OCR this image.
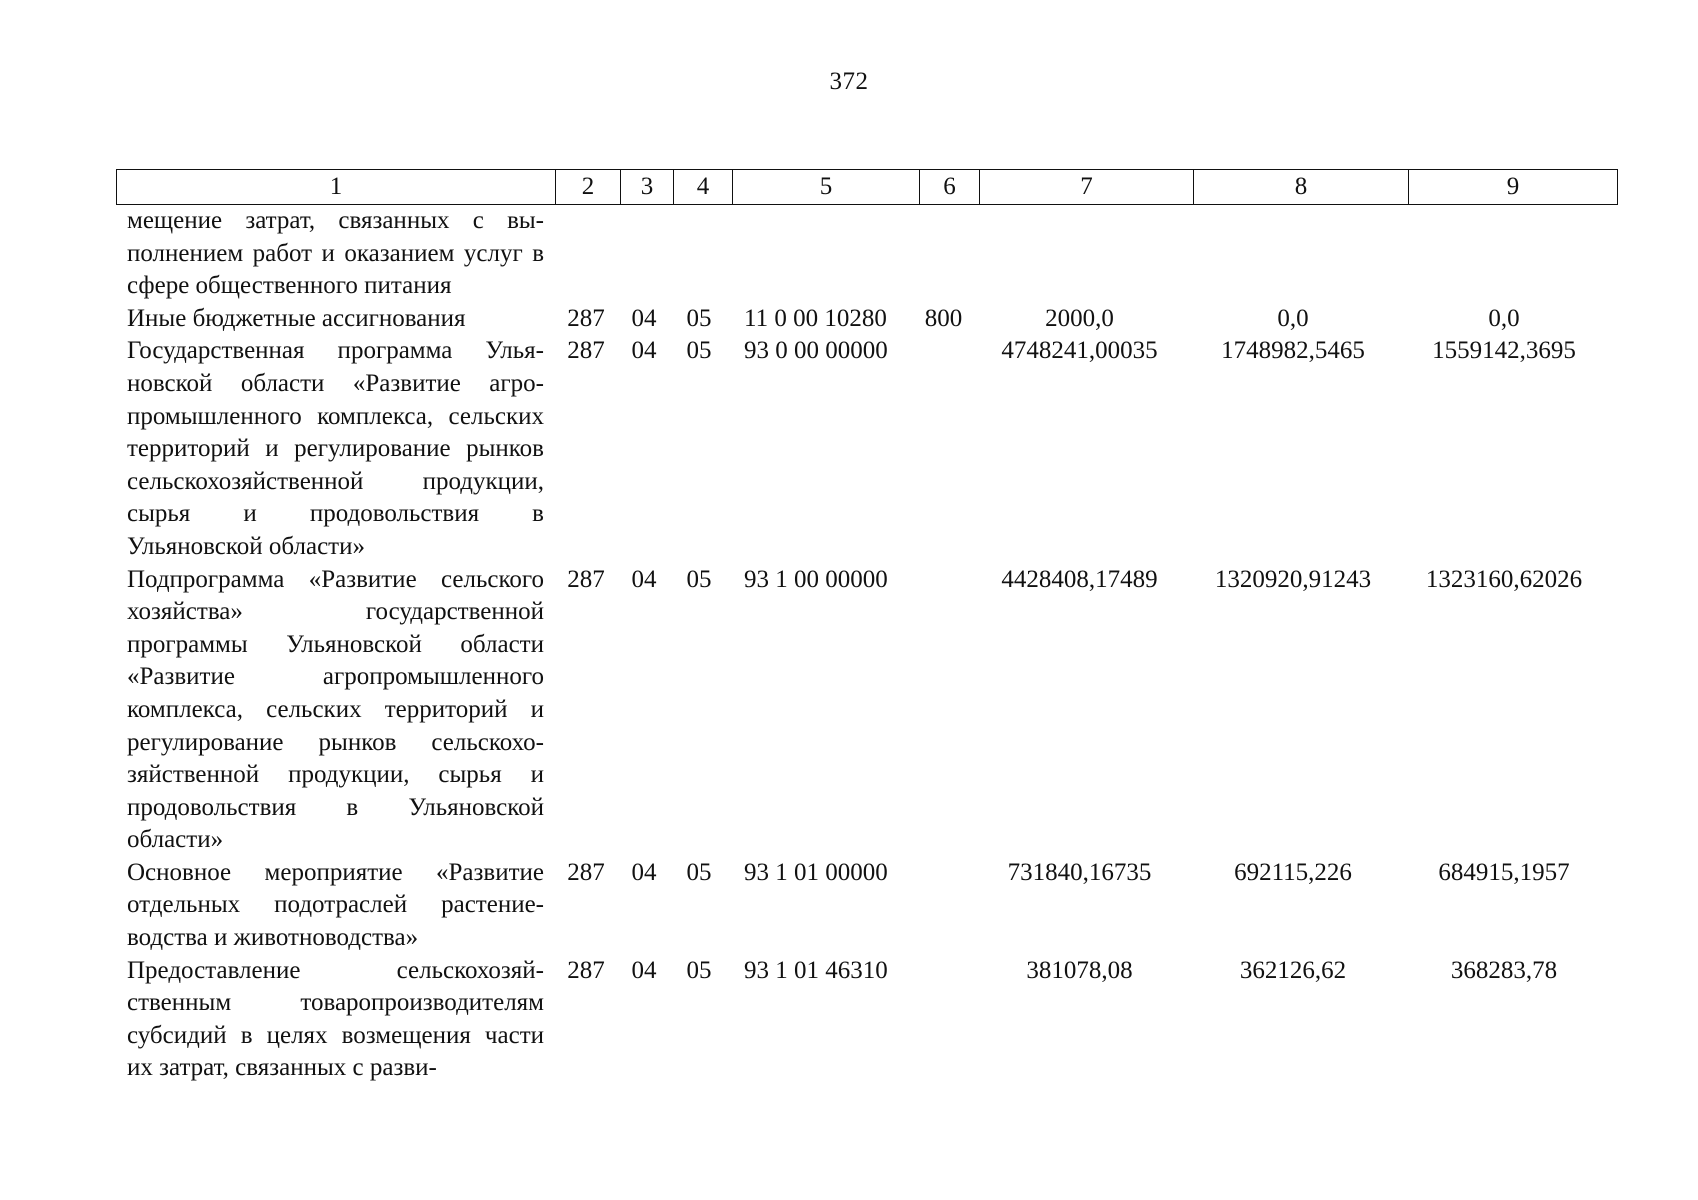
372
1	2	3	4	5	6	7	8	9
мещение затрат, связанных с выполнением работ и оказанием услуг в сфере общественного питания								
Иные бюджетные ассигнования	287	04	05	11 0 00 10280	800	2000,0	0,0	0,0
Государственная программа Ульяновской области «Развитие агропромышленного комплекса, сельских территорий и регулирование рынков сельскохозяйственной продукции, сырья и продовольствия в Ульяновской области»	287	04	05	93 0 00 00000		4748241,00035	1748982,5465	1559142,3695
Подпрограмма «Развитие сельского хозяйства» государственной программы Ульяновской области «Развитие агропромышленного комплекса, сельских территорий и регулирование рынков сельскохозяйственной продукции, сырья и продовольствия в Ульяновской области»	287	04	05	93 1 00 00000		4428408,17489	1320920,91243	1323160,62026
Основное мероприятие «Развитие отдельных подотраслей растениеводства и животноводства»	287	04	05	93 1 01 00000		731840,16735	692115,226	684915,1957
Предоставление сельскохозяйственным товаропроизводителям субсидий в целях возмещения части их затрат, связанных с разви-	287	04	05	93 1 01 46310		381078,08	362126,62	368283,78
